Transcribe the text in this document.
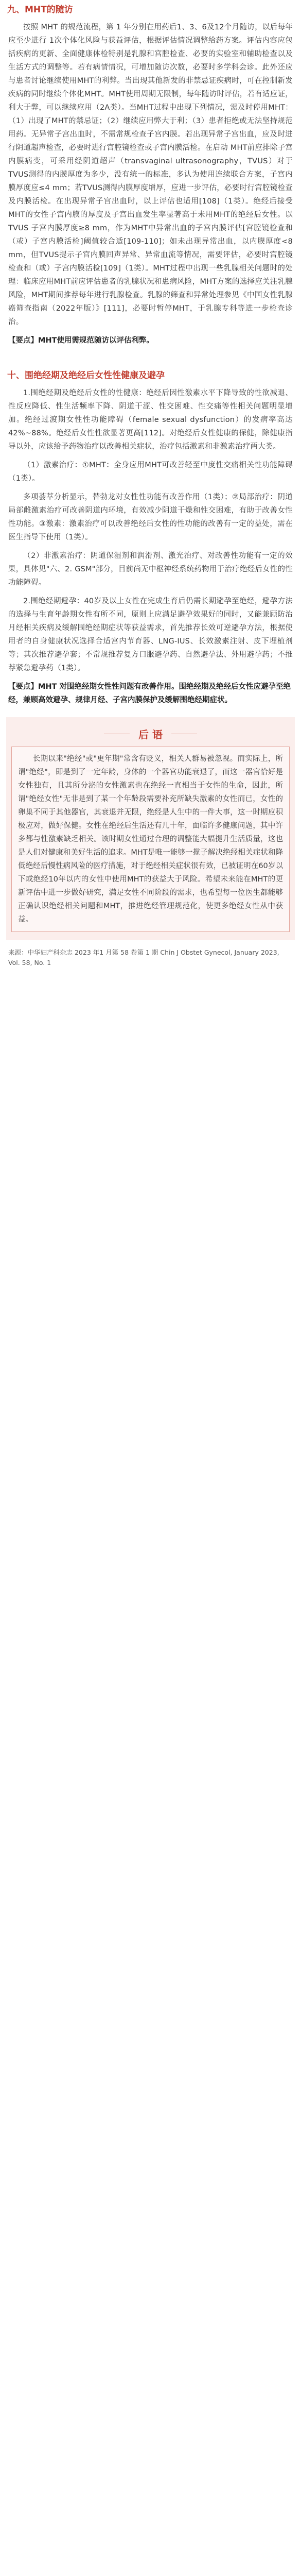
九、MHT的随访

按照 MHT 的规范流程，第 1 年分别在用药后1、3、6及12个月随访，以后每年应至少进行 1次个体化风险与获益评估，根据评估情况调整给药方案。评估内容应包括疾病的更新、全面健康体检特别是乳腺和宫腔检查、必要的实验室和辅助检查以及生活方式的调整等。若有病情情况，可增加随访次数，必要时多学科会诊。此外还应与患者讨论继续使用MHT的利弊。当出现其他新发的非禁忌证疾病时，可在控制新发疾病的同时继续个体化MHT。MHT使用周期无限制，每年随访时评估，若有适应证，利大于弊，可以继续应用（2A类）。当MHT过程中出现下列情况，需及时停用MHT：（1）出现了MHT的禁忌证；（2）继续应用弊大于利；（3）患者拒绝或无法坚持规范用药。无异常子宫出血时，不需常规检查子宫内膜。若出现异常子宫出血，应及时进行阴道超声检查，必要时进行宫腔镜检查或子宫内膜活检。在启动 MHT前应排除子宫内膜病变，可采用经阴道超声（transvaginal ultrasonography，TVUS）对于TVUS测得的内膜厚度为多少，没有统一的标准，多认为使用连续联合方案，子宫内膜厚度应≤4 mm；若TVUS测得内膜厚度增厚，应进一步评估，必要时行宫腔镜检查及内膜活检。在出现异常子宫出血时，以上评估也适用[108]（1类）。绝经后接受MHT的女性子宫内膜的厚度及子宫出血发生率显著高于未用MHT的绝经后女性。以TVUS 子宫内膜厚度≥8 mm，作为MHT中异常出血的子宫内膜评估[宫腔镜检查和（或）子宫内膜活检]阈值较合适[109-110]；如未出现异常出血，以内膜厚度<8 mm，但TVUS提示子宫内膜回声异常、异常血流等情况，需要评估，必要时宫腔镜检查和（或）子宫内膜活检[109]（1类）。MHT过程中出现一些乳腺相关问题时的处理：临床应用MHT前应评估患者的乳腺状况和患病风险，MHT方案的选择应关注乳腺风险，MHT期间推荐每年进行乳腺检查。乳腺的筛查和异常处理参见《中国女性乳腺癌筛查指南（2022年版）》[111]，必要时暂停MHT，于乳腺专科等进一步检查诊治。

【要点】MHT使用需规范随访以评估利弊。

十、围绝经期及绝经后女性性健康及避孕

1.围绝经期及绝经后女性的性健康：绝经后因性激素水平下降导致的性欲减退、性反应降低、性生活频率下降、阴道干涩、性交困难、性交痛等性相关问题明显增加。绝经过渡期女性性功能障碍（female sexual dysfunction）的发病率高达42%~88%。绝经后女性性欲显著更高[112]。对绝经后女性健康的保健，除健康指导以外，应该给予药物治疗以改善相关症状，治疗包括激素和非激素治疗两大类。

（1）激素治疗：①MHT：全身应用MHT可改善轻至中度性交痛相关性功能障碍（1类）。

多项荟萃分析显示，替勃龙对女性性功能有改善作用（1类）；②局部治疗：阴道局部雌激素治疗可改善阴道内环境，有效减少阴道干燥和性交困难，有助于改善女性性功能。③激素：激素治疗可以改善绝经后女性的性功能的改善有一定的益处，需在医生指导下使用（1类）。

（2）非激素治疗：阴道保湿剂和润滑剂、激光治疗、对改善性功能有一定的效果，具体见"六、2. GSM"部分，目前尚无中枢神经系统药物用于治疗绝经后女性的性功能障碍。

2.围绝经期避孕：40岁及以上女性在完成生育后仍需长期避孕至绝经，避孕方法的选择与生育年龄期女性有所不同，原则上应满足避孕效果好的同时，又能兼顾防治月经相关疾病及缓解围绝经期症状等获益需求，首先推荐长效可逆避孕方法，根据使用者的自身健康状况选择合适宫内节育器、LNG-IUS、长效激素注射、皮下埋植剂等；其次推荐避孕套；不常规推荐复方口服避孕药、自然避孕法、外用避孕药；不推荐紧急避孕药（1类）。

【要点】MHT 对围绝经期女性性问题有改善作用。围绝经期及绝经后女性应避孕至绝经，兼顾高效避孕、规律月经、子宫内膜保护及缓解围绝经期症状。

后 语
长期以来"绝经"或"更年期"常含有贬义，相关人群易被忽视。而实际上，所谓"绝经"，即是到了一定年龄，身体的一个器官功能衰退了，而这一器官恰好是女性独有，且其所分泌的女性激素也在绝经一直相当于女性的生命，因此，所谓"绝经女性"无非是到了某一个年龄段需要补充所缺失激素的女性而已，女性的卵巢不同于其他器官，其衰退并无限，绝经是人生中的一件大事，这一时期应积极应对，做好保健。女性在绝经后生活还有几十年，面临许多健康问题，其中许多都与性激素缺乏相关。该时期女性通过合理的调整能大幅提升生活质量，这也是人们对健康和美好生活的追求。MHT是唯一能够一揽子解决绝经相关症状和降低绝经后慢性病风险的医疗措施，对于绝经相关症状很有效，已被证明在60岁以下或绝经10年以内的女性中使用MHT的获益大于风险。希望未来能在MHT的更新评估中进一步做好研究，满足女性不同阶段的需求，也希望每一位医生都能够正确认识绝经相关问题和MHT，推进绝经管理规范化，使更多绝经女性从中获益。
来源：中华妇产科杂志 2023 年1 月第 58 卷第 1 期 Chin J Obstet Gynecol, January 2023, Vol. 58, No. 1
